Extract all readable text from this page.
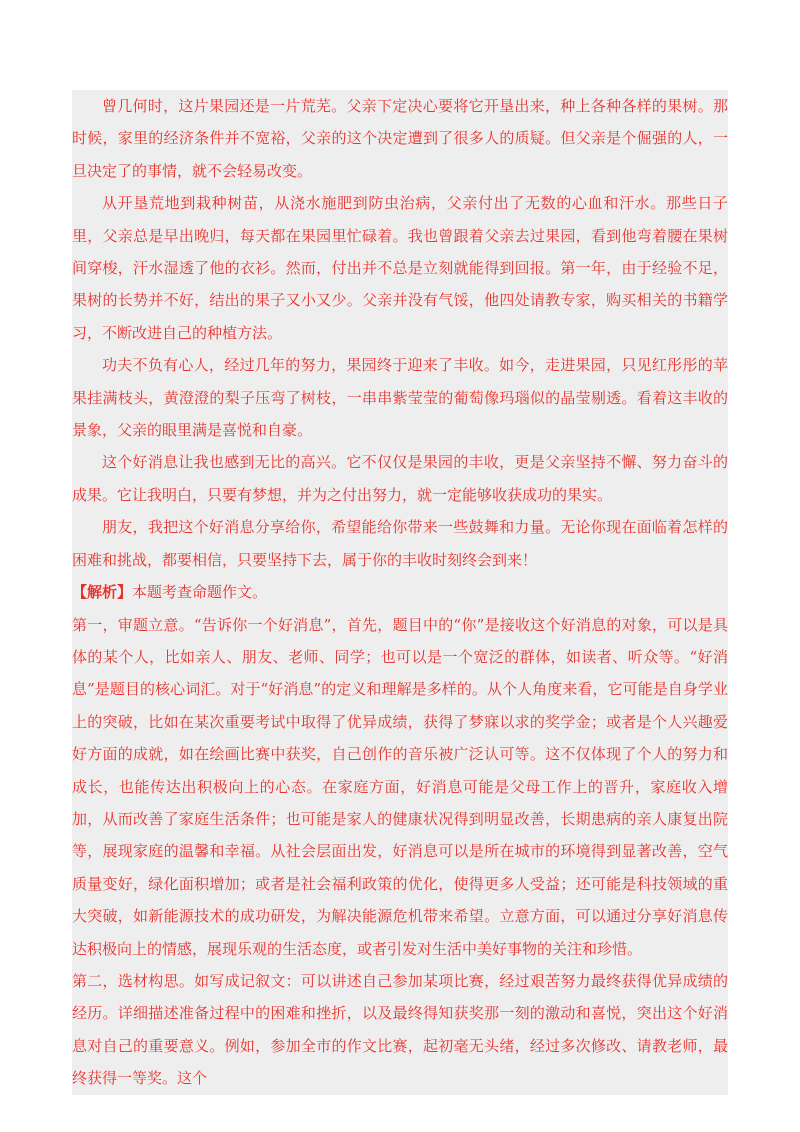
曾几何时，这片果园还是一片荒芜。父亲下定决心要将它开垦出来，种上各种各样的果树。那时候，家里的经济条件并不宽裕，父亲的这个决定遭到了很多人的质疑。但父亲是个倔强的人，一旦决定了的事情，就不会轻易改变。

从开垦荒地到栽种树苗，从浇水施肥到防虫治病，父亲付出了无数的心血和汗水。那些日子里，父亲总是早出晚归，每天都在果园里忙碌着。我也曾跟着父亲去过果园，看到他弯着腰在果树间穿梭，汗水湿透了他的衣衫。然而，付出并不总是立刻就能得到回报。第一年，由于经验不足，果树的长势并不好，结出的果子又小又少。父亲并没有气馁，他四处请教专家，购买相关的书籍学习，不断改进自己的种植方法。

功夫不负有心人，经过几年的努力，果园终于迎来了丰收。如今，走进果园，只见红彤彤的苹果挂满枝头，黄澄澄的梨子压弯了树枝，一串串紫莹莹的葡萄像玛瑙似的晶莹剔透。看着这丰收的景象，父亲的眼里满是喜悦和自豪。

这个好消息让我也感到无比的高兴。它不仅仅是果园的丰收，更是父亲坚持不懈、努力奋斗的成果。它让我明白，只要有梦想，并为之付出努力，就一定能够收获成功的果实。

朋友，我把这个好消息分享给你，希望能给你带来一些鼓舞和力量。无论你现在面临着怎样的困难和挑战，都要相信，只要坚持下去，属于你的丰收时刻终会到来！

【解析】本题考查命题作文。

第一，审题立意。“告诉你一个好消息”，首先，题目中的“你”是接收这个好消息的对象，可以是具体的某个人，比如亲人、朋友、老师、同学；也可以是一个宽泛的群体，如读者、听众等。“好消息”是题目的核心词汇。对于“好消息”的定义和理解是多样的。从个人角度来看，它可能是自身学业上的突破，比如在某次重要考试中取得了优异成绩，获得了梦寐以求的奖学金；或者是个人兴趣爱好方面的成就，如在绘画比赛中获奖，自己创作的音乐被广泛认可等。这不仅体现了个人的努力和成长，也能传达出积极向上的心态。在家庭方面，好消息可能是父母工作上的晋升，家庭收入增加，从而改善了家庭生活条件；也可能是家人的健康状况得到明显改善，长期患病的亲人康复出院等，展现家庭的温馨和幸福。从社会层面出发，好消息可以是所在城市的环境得到显著改善，空气质量变好，绿化面积增加；或者是社会福利政策的优化，使得更多人受益；还可能是科技领域的重大突破，如新能源技术的成功研发，为解决能源危机带来希望。立意方面，可以通过分享好消息传达积极向上的情感，展现乐观的生活态度，或者引发对生活中美好事物的关注和珍惜。

第二，选材构思。如写成记叙文：可以讲述自己参加某项比赛，经过艰苦努力最终获得优异成绩的经历。详细描述准备过程中的困难和挫折，以及最终得知获奖那一刻的激动和喜悦，突出这个好消息对自己的重要意义。例如，参加全市的作文比赛，起初毫无头绪，经过多次修改、请教老师，最终获得一等奖。这个
